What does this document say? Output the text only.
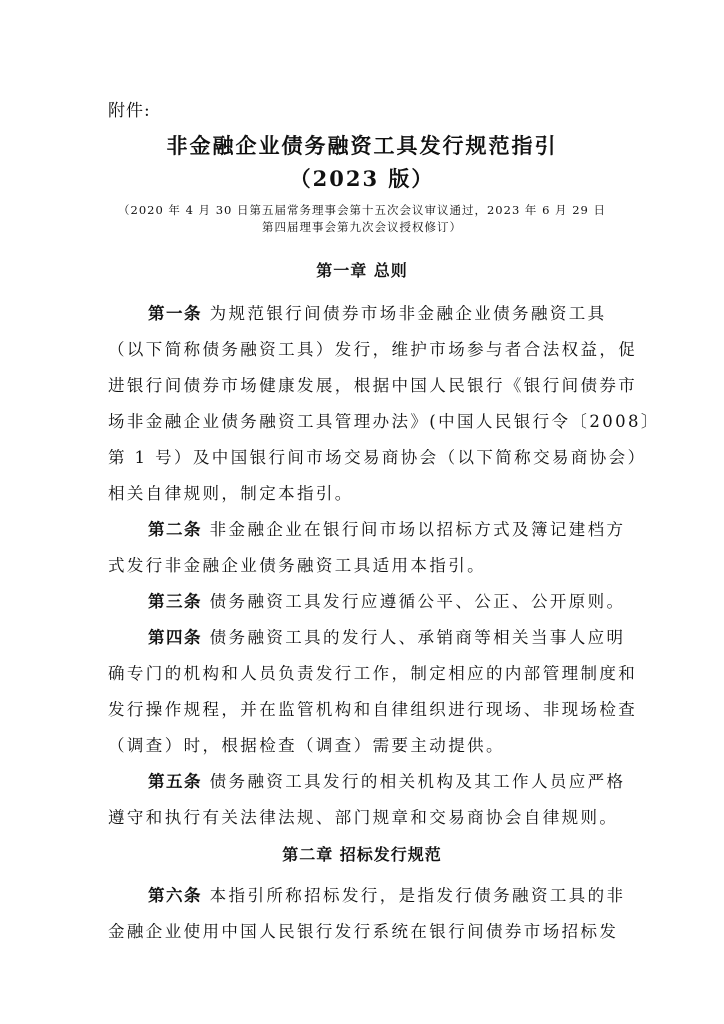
附件:
非金融企业债务融资工具发行规范指引
（2023 版）
（2020 年 4 月 30 日第五届常务理事会第十五次会议审议通过，2023 年 6 月 29 日第四届理事会第九次会议授权修订）
第一章 总则
第一条 为规范银行间债券市场非金融企业债务融资工具
（以下简称债务融资工具）发行，维护市场参与者合法权益，促
进银行间债券市场健康发展，根据中国人民银行《银行间债券市
场非金融企业债务融资工具管理办法》(中国人民银行令〔2008〕
第 1 号）及中国银行间市场交易商协会（以下简称交易商协会）
相关自律规则，制定本指引。
第二条 非金融企业在银行间市场以招标方式及簿记建档方
式发行非金融企业债务融资工具适用本指引。
第三条 债务融资工具发行应遵循公平、公正、公开原则。
第四条 债务融资工具的发行人、承销商等相关当事人应明
确专门的机构和人员负责发行工作，制定相应的内部管理制度和
发行操作规程，并在监管机构和自律组织进行现场、非现场检查
（调查）时，根据检查（调查）需要主动提供。
第五条 债务融资工具发行的相关机构及其工作人员应严格
遵守和执行有关法律法规、部门规章和交易商协会自律规则。
第二章 招标发行规范
第六条 本指引所称招标发行，是指发行债务融资工具的非
金融企业使用中国人民银行发行系统在银行间债券市场招标发
